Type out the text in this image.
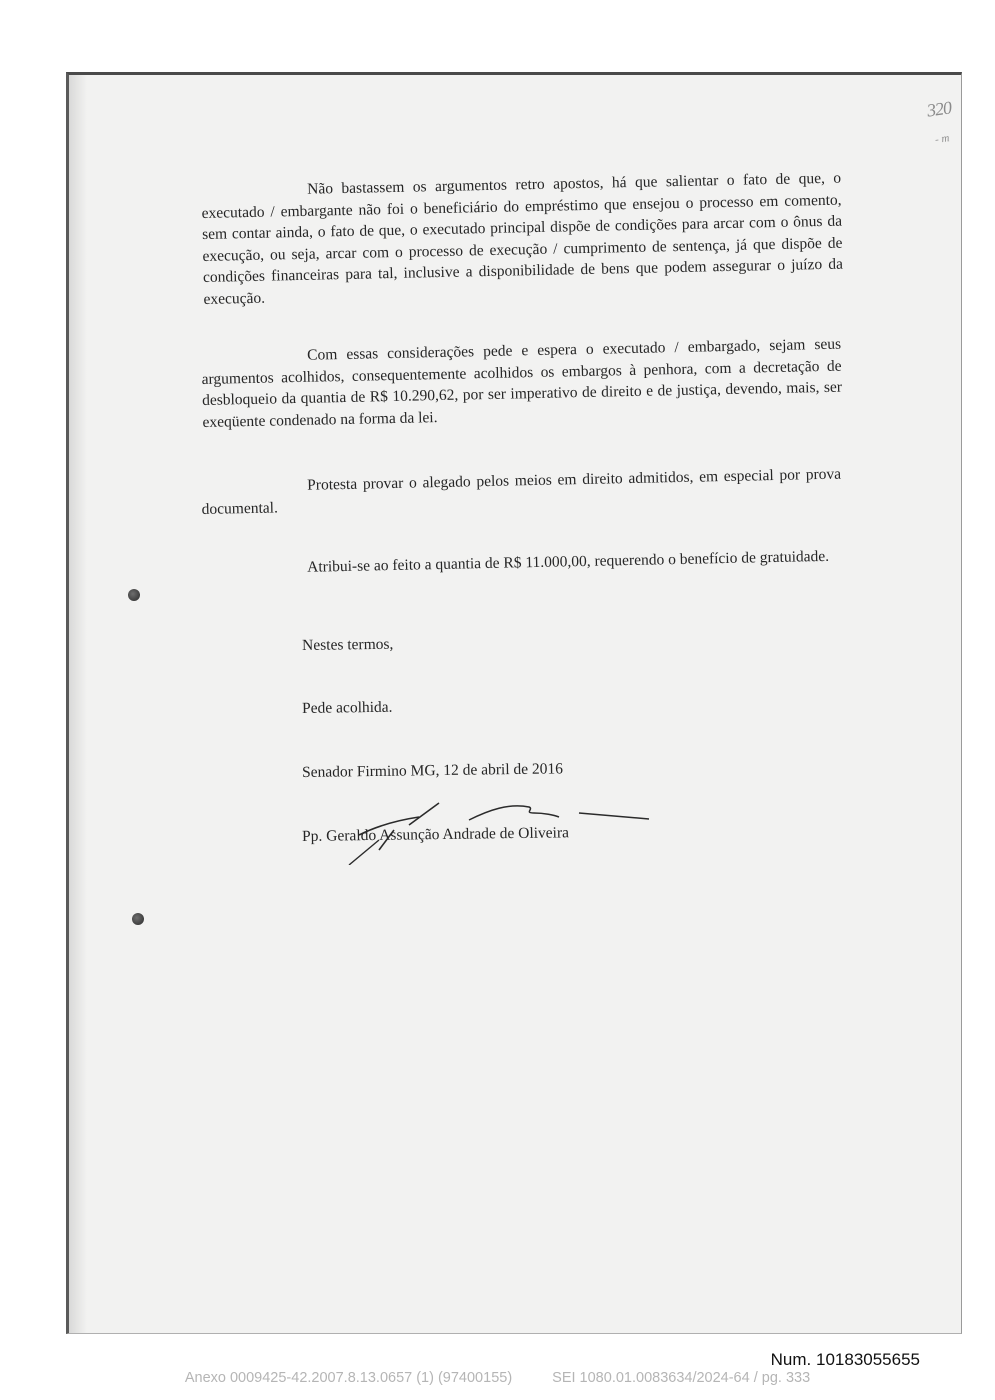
320
- m
Não bastassem os argumentos retro apostos, há que salientar o fato de que, o executado / embargante não foi o beneficiário do empréstimo que ensejou o processo em comento, sem contar ainda, o fato de que, o executado principal dispõe de condições para arcar com o ônus da execução, ou seja, arcar com o processo de execução / cumprimento de sentença, já que dispõe de condições financeiras para tal, inclusive a disponibilidade de bens que podem assegurar o juízo da execução.
Com essas considerações pede e espera o executado / embargado, sejam seus argumentos acolhidos, consequentemente acolhidos os embargos à penhora, com a decretação de desbloqueio da quantia de R$ 10.290,62, por ser imperativo de direito e de justiça, devendo, mais, ser exeqüente condenado na forma da lei.
Protesta provar o alegado pelos meios em direito admitidos, em especial por prova documental.
Atribui-se ao feito a quantia de R$ 11.000,00, requerendo o benefício de gratuidade.
Nestes termos,
Pede acolhida.
Senador Firmino MG, 12 de abril de 2016
Pp. Geraldo Assunção Andrade de Oliveira
Num. 10183055655
Anexo 0009425-42.2007.8.13.0657 (1) (97400155)	SEI 1080.01.0083634/2024-64 / pg. 333
